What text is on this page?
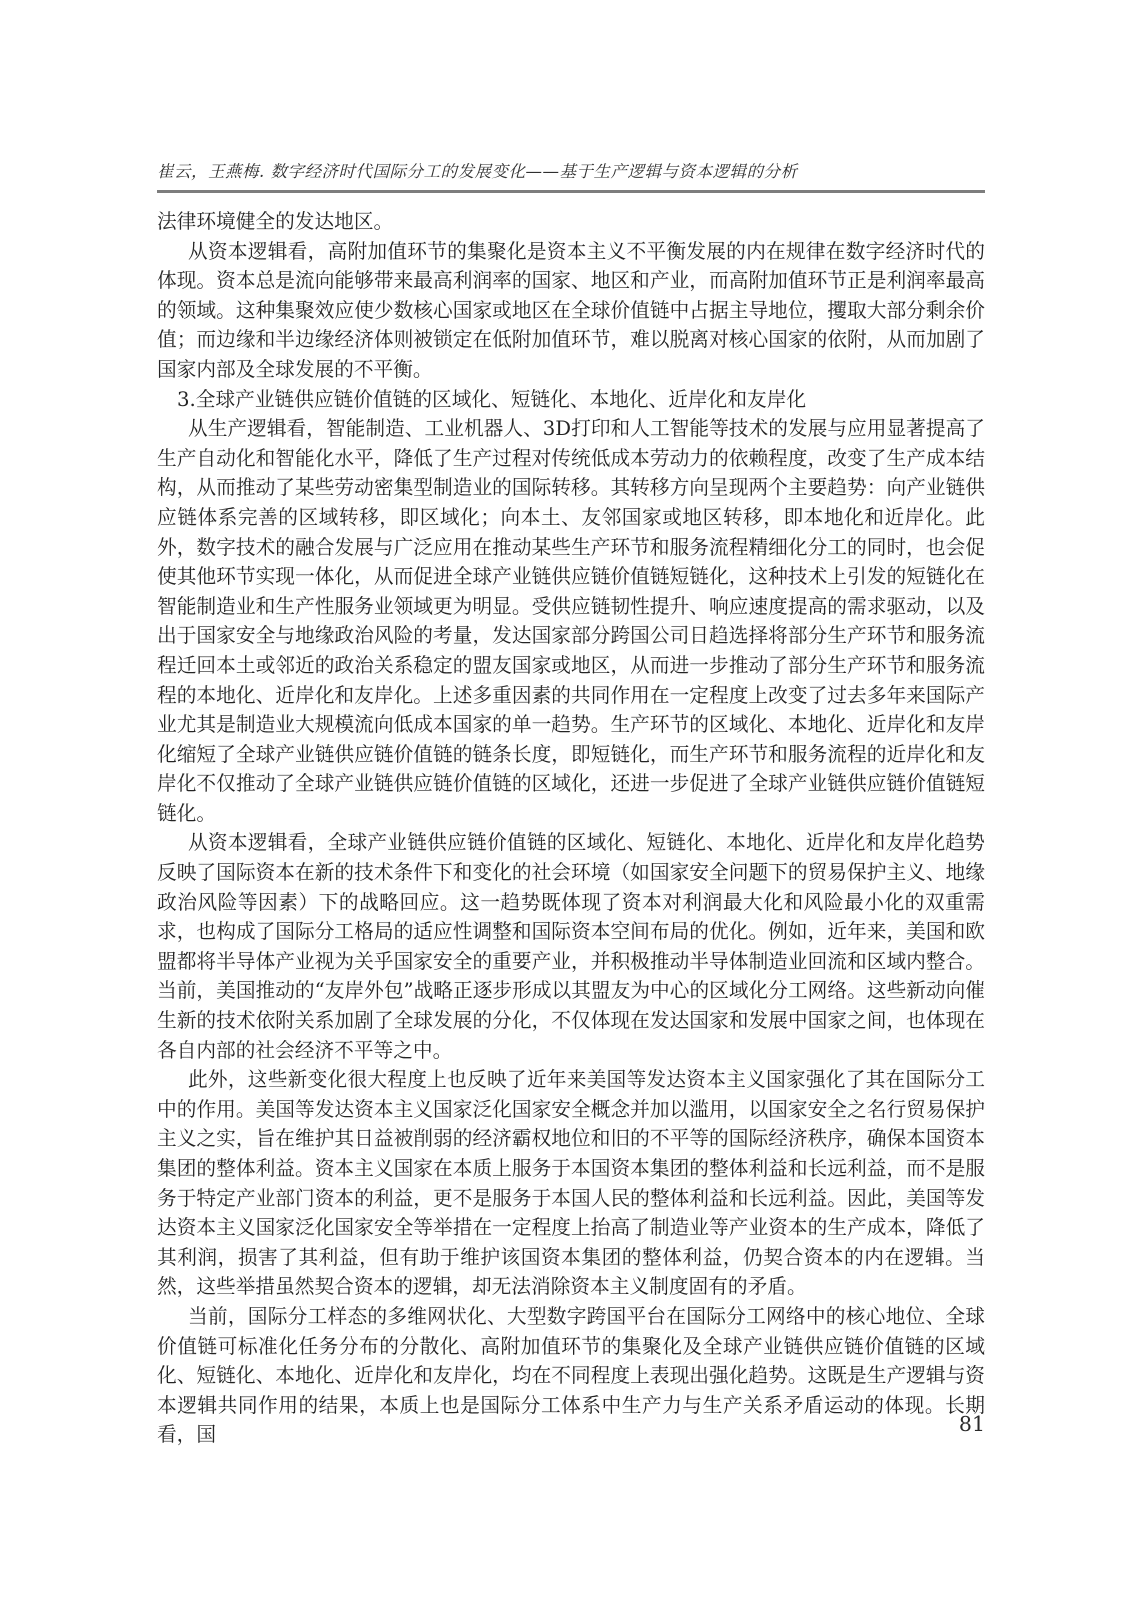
崔云，王燕梅. 数字经济时代国际分工的发展变化——基于生产逻辑与资本逻辑的分析

法律环境健全的发达地区。

从资本逻辑看，高附加值环节的集聚化是资本主义不平衡发展的内在规律在数字经济时代的体现。资本总是流向能够带来最高利润率的国家、地区和产业，而高附加值环节正是利润率最高的领域。这种集聚效应使少数核心国家或地区在全球价值链中占据主导地位，攫取大部分剩余价值；而边缘和半边缘经济体则被锁定在低附加值环节，难以脱离对核心国家的依附，从而加剧了国家内部及全球发展的不平衡。

3.全球产业链供应链价值链的区域化、短链化、本地化、近岸化和友岸化

从生产逻辑看，智能制造、工业机器人、3D打印和人工智能等技术的发展与应用显著提高了生产自动化和智能化水平，降低了生产过程对传统低成本劳动力的依赖程度，改变了生产成本结构，从而推动了某些劳动密集型制造业的国际转移。其转移方向呈现两个主要趋势：向产业链供应链体系完善的区域转移，即区域化；向本土、友邻国家或地区转移，即本地化和近岸化。此外，数字技术的融合发展与广泛应用在推动某些生产环节和服务流程精细化分工的同时，也会促使其他环节实现一体化，从而促进全球产业链供应链价值链短链化，这种技术上引发的短链化在智能制造业和生产性服务业领域更为明显。受供应链韧性提升、响应速度提高的需求驱动，以及出于国家安全与地缘政治风险的考量，发达国家部分跨国公司日趋选择将部分生产环节和服务流程迁回本土或邻近的政治关系稳定的盟友国家或地区，从而进一步推动了部分生产环节和服务流程的本地化、近岸化和友岸化。上述多重因素的共同作用在一定程度上改变了过去多年来国际产业尤其是制造业大规模流向低成本国家的单一趋势。生产环节的区域化、本地化、近岸化和友岸化缩短了全球产业链供应链价值链的链条长度，即短链化，而生产环节和服务流程的近岸化和友岸化不仅推动了全球产业链供应链价值链的区域化，还进一步促进了全球产业链供应链价值链短链化。

从资本逻辑看，全球产业链供应链价值链的区域化、短链化、本地化、近岸化和友岸化趋势反映了国际资本在新的技术条件下和变化的社会环境（如国家安全问题下的贸易保护主义、地缘政治风险等因素）下的战略回应。这一趋势既体现了资本对利润最大化和风险最小化的双重需求，也构成了国际分工格局的适应性调整和国际资本空间布局的优化。例如，近年来，美国和欧盟都将半导体产业视为关乎国家安全的重要产业，并积极推动半导体制造业回流和区域内整合。当前，美国推动的“友岸外包”战略正逐步形成以其盟友为中心的区域化分工网络。这些新动向催生新的技术依附关系加剧了全球发展的分化，不仅体现在发达国家和发展中国家之间，也体现在各自内部的社会经济不平等之中。

此外，这些新变化很大程度上也反映了近年来美国等发达资本主义国家强化了其在国际分工中的作用。美国等发达资本主义国家泛化国家安全概念并加以滥用，以国家安全之名行贸易保护主义之实，旨在维护其日益被削弱的经济霸权地位和旧的不平等的国际经济秩序，确保本国资本集团的整体利益。资本主义国家在本质上服务于本国资本集团的整体利益和长远利益，而不是服务于特定产业部门资本的利益，更不是服务于本国人民的整体利益和长远利益。因此，美国等发达资本主义国家泛化国家安全等举措在一定程度上抬高了制造业等产业资本的生产成本，降低了其利润，损害了其利益，但有助于维护该国资本集团的整体利益，仍契合资本的内在逻辑。当然，这些举措虽然契合资本的逻辑，却无法消除资本主义制度固有的矛盾。

当前，国际分工样态的多维网状化、大型数字跨国平台在国际分工网络中的核心地位、全球价值链可标准化任务分布的分散化、高附加值环节的集聚化及全球产业链供应链价值链的区域化、短链化、本地化、近岸化和友岸化，均在不同程度上表现出强化趋势。这既是生产逻辑与资本逻辑共同作用的结果，本质上也是国际分工体系中生产力与生产关系矛盾运动的体现。长期看，国	81
